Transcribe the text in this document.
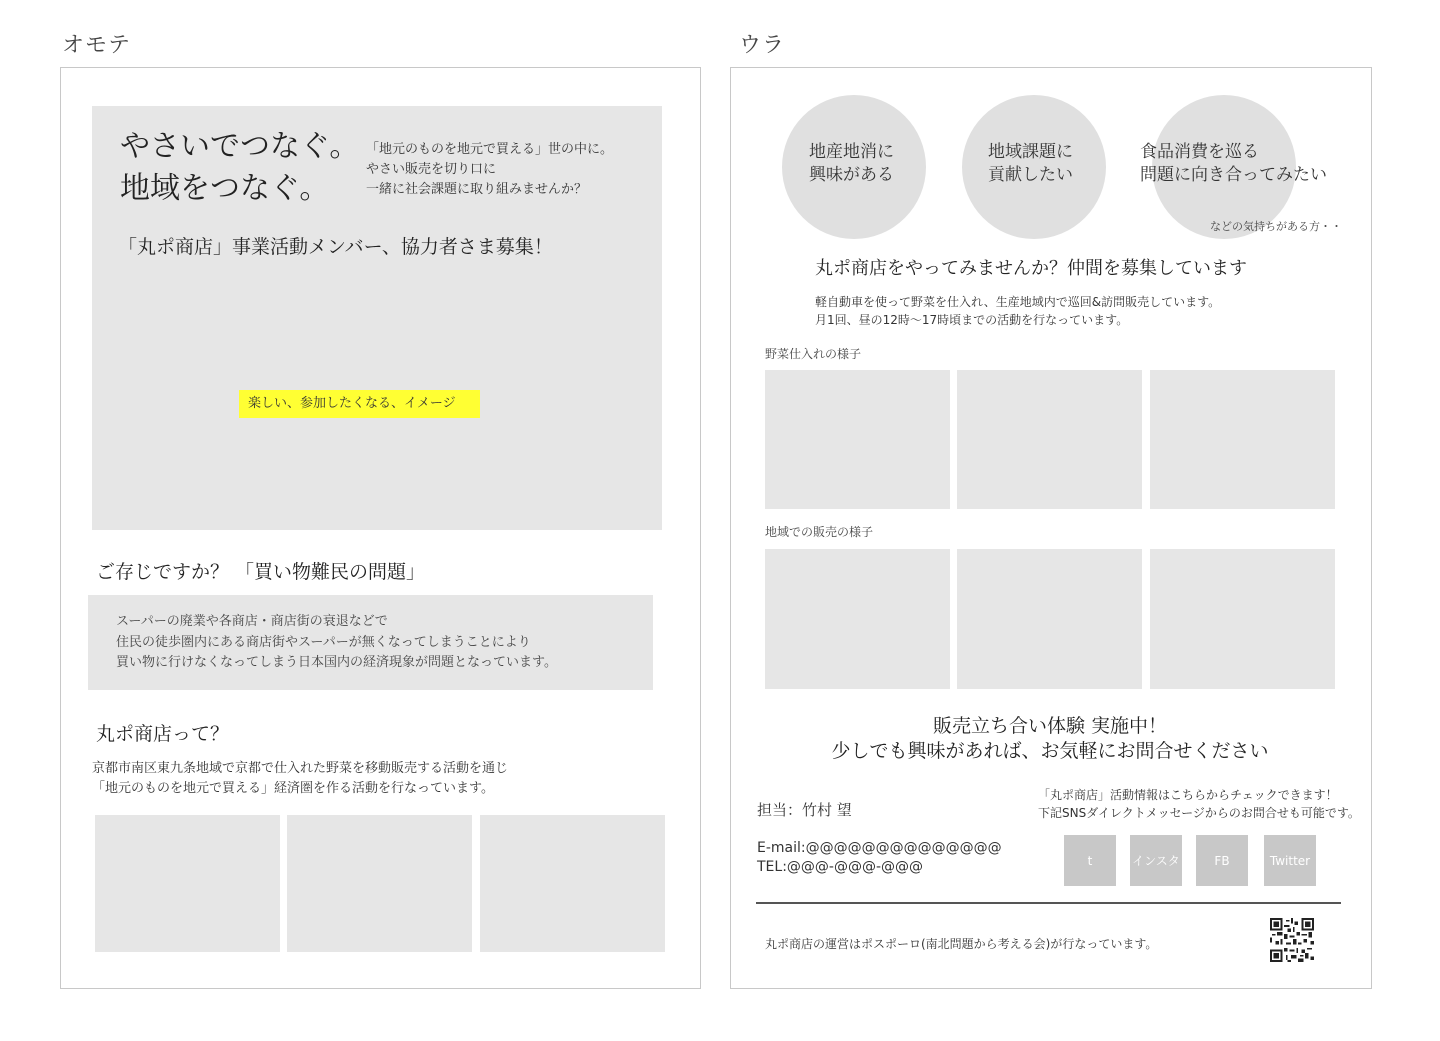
オモテ
やさいでつなぐ。
地域をつなぐ。
「地元のものを地元で買える」世の中に。
やさい販売を切り口に
一緒に社会課題に取り組みませんか？
「丸ポ商店」事業活動メンバー、協力者さま募集！
楽しい、参加したくなる、イメージ
ご存じですか？ 「買い物難民の問題」
スーパーの廃業や各商店・商店街の衰退などで
住民の徒歩圏内にある商店街やスーパーが無くなってしまうことにより
買い物に行けなくなってしまう日本国内の経済現象が問題となっています。
丸ポ商店って？
京都市南区東九条地域で京都で仕入れた野菜を移動販売する活動を通じ
「地元のものを地元で買える」経済圏を作る活動を行なっています。
ウラ
地産地消に
興味がある
地域課題に
貢献したい
食品消費を巡る
問題に向き合ってみたい
などの気持ちがある方・・
丸ポ商店をやってみませんか？仲間を募集しています
軽自動車を使って野菜を仕入れ、生産地域内で巡回&訪問販売しています。
月1回、昼の12時〜17時頃までの活動を行なっています。
野菜仕入れの様子
地域での販売の様子
販売立ち合い体験 実施中！
少しでも興味があれば、お気軽にお問合せください
担当：竹村 望
E-mail:@@@@@@@@@@@@@@
TEL:@@@-@@@-@@@
「丸ポ商店」活動情報はこちらからチェックできます！
下記SNSダイレクトメッセージからのお問合せも可能です。
t	インスタ	FB	Twitter
丸ポ商店の運営はポスポーロ(南北問題から考える会)が行なっています。
